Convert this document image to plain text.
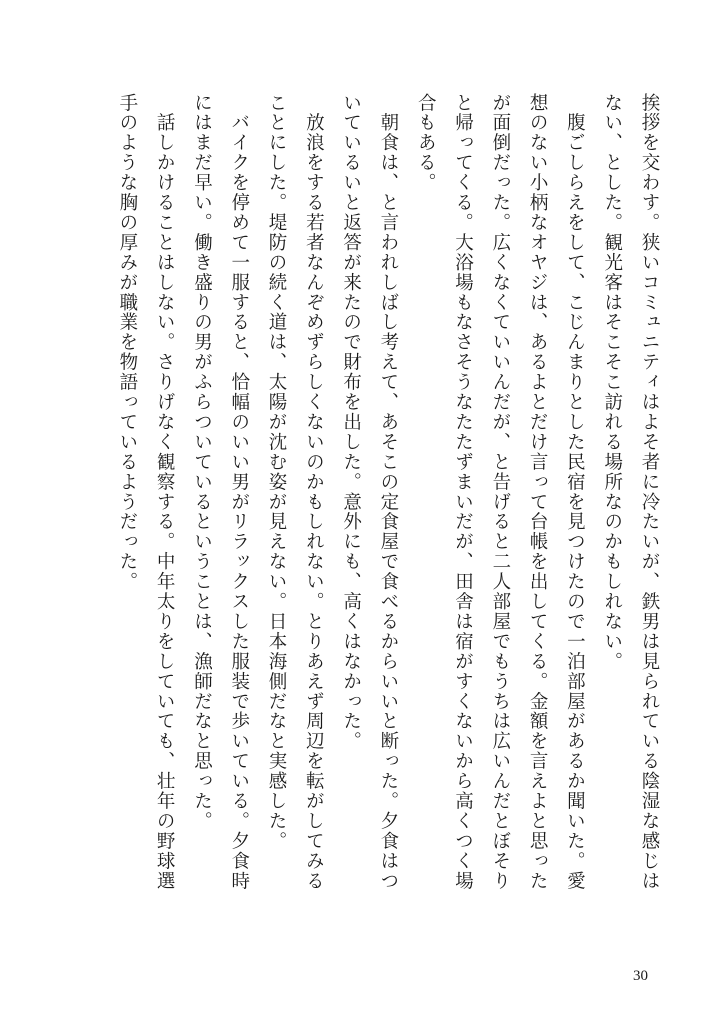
挨拶を交わす。狭いコミュニティはよそ者に冷たいが、鉄男は見られている陰湿な感じは
ない、とした。観光客はそこそこ訪れる場所なのかもしれない。
　腹ごしらえをして、こじんまりとした民宿を見つけたので一泊部屋があるか聞いた。愛
想のない小柄なオヤジは、あるよとだけ言って台帳を出してくる。金額を言えよと思った
が面倒だった。広くなくていいんだが、と告げると二人部屋でもうちは広いんだとぼそり
と帰ってくる。大浴場もなさそうなたたずまいだが、田舎は宿がすくないから高くつく場
合もある。
　朝食は、と言われしばし考えて、あそこの定食屋で食べるからいいと断った。夕食はつ
いているいと返答が来たので財布を出した。意外にも、高くはなかった。
　放浪をする若者なんぞめずらしくないのかもしれない。とりあえず周辺を転がしてみる
ことにした。堤防の続く道は、太陽が沈む姿が見えない。日本海側だなと実感した。
　バイクを停めて一服すると、恰幅のいい男がリラックスした服装で歩いている。夕食時
にはまだ早い。働き盛りの男がふらついているということは、漁師だなと思った。
　話しかけることはしない。さりげなく観察する。中年太りをしていても、壮年の野球選
手のような胸の厚みが職業を物語っているようだった。
30
